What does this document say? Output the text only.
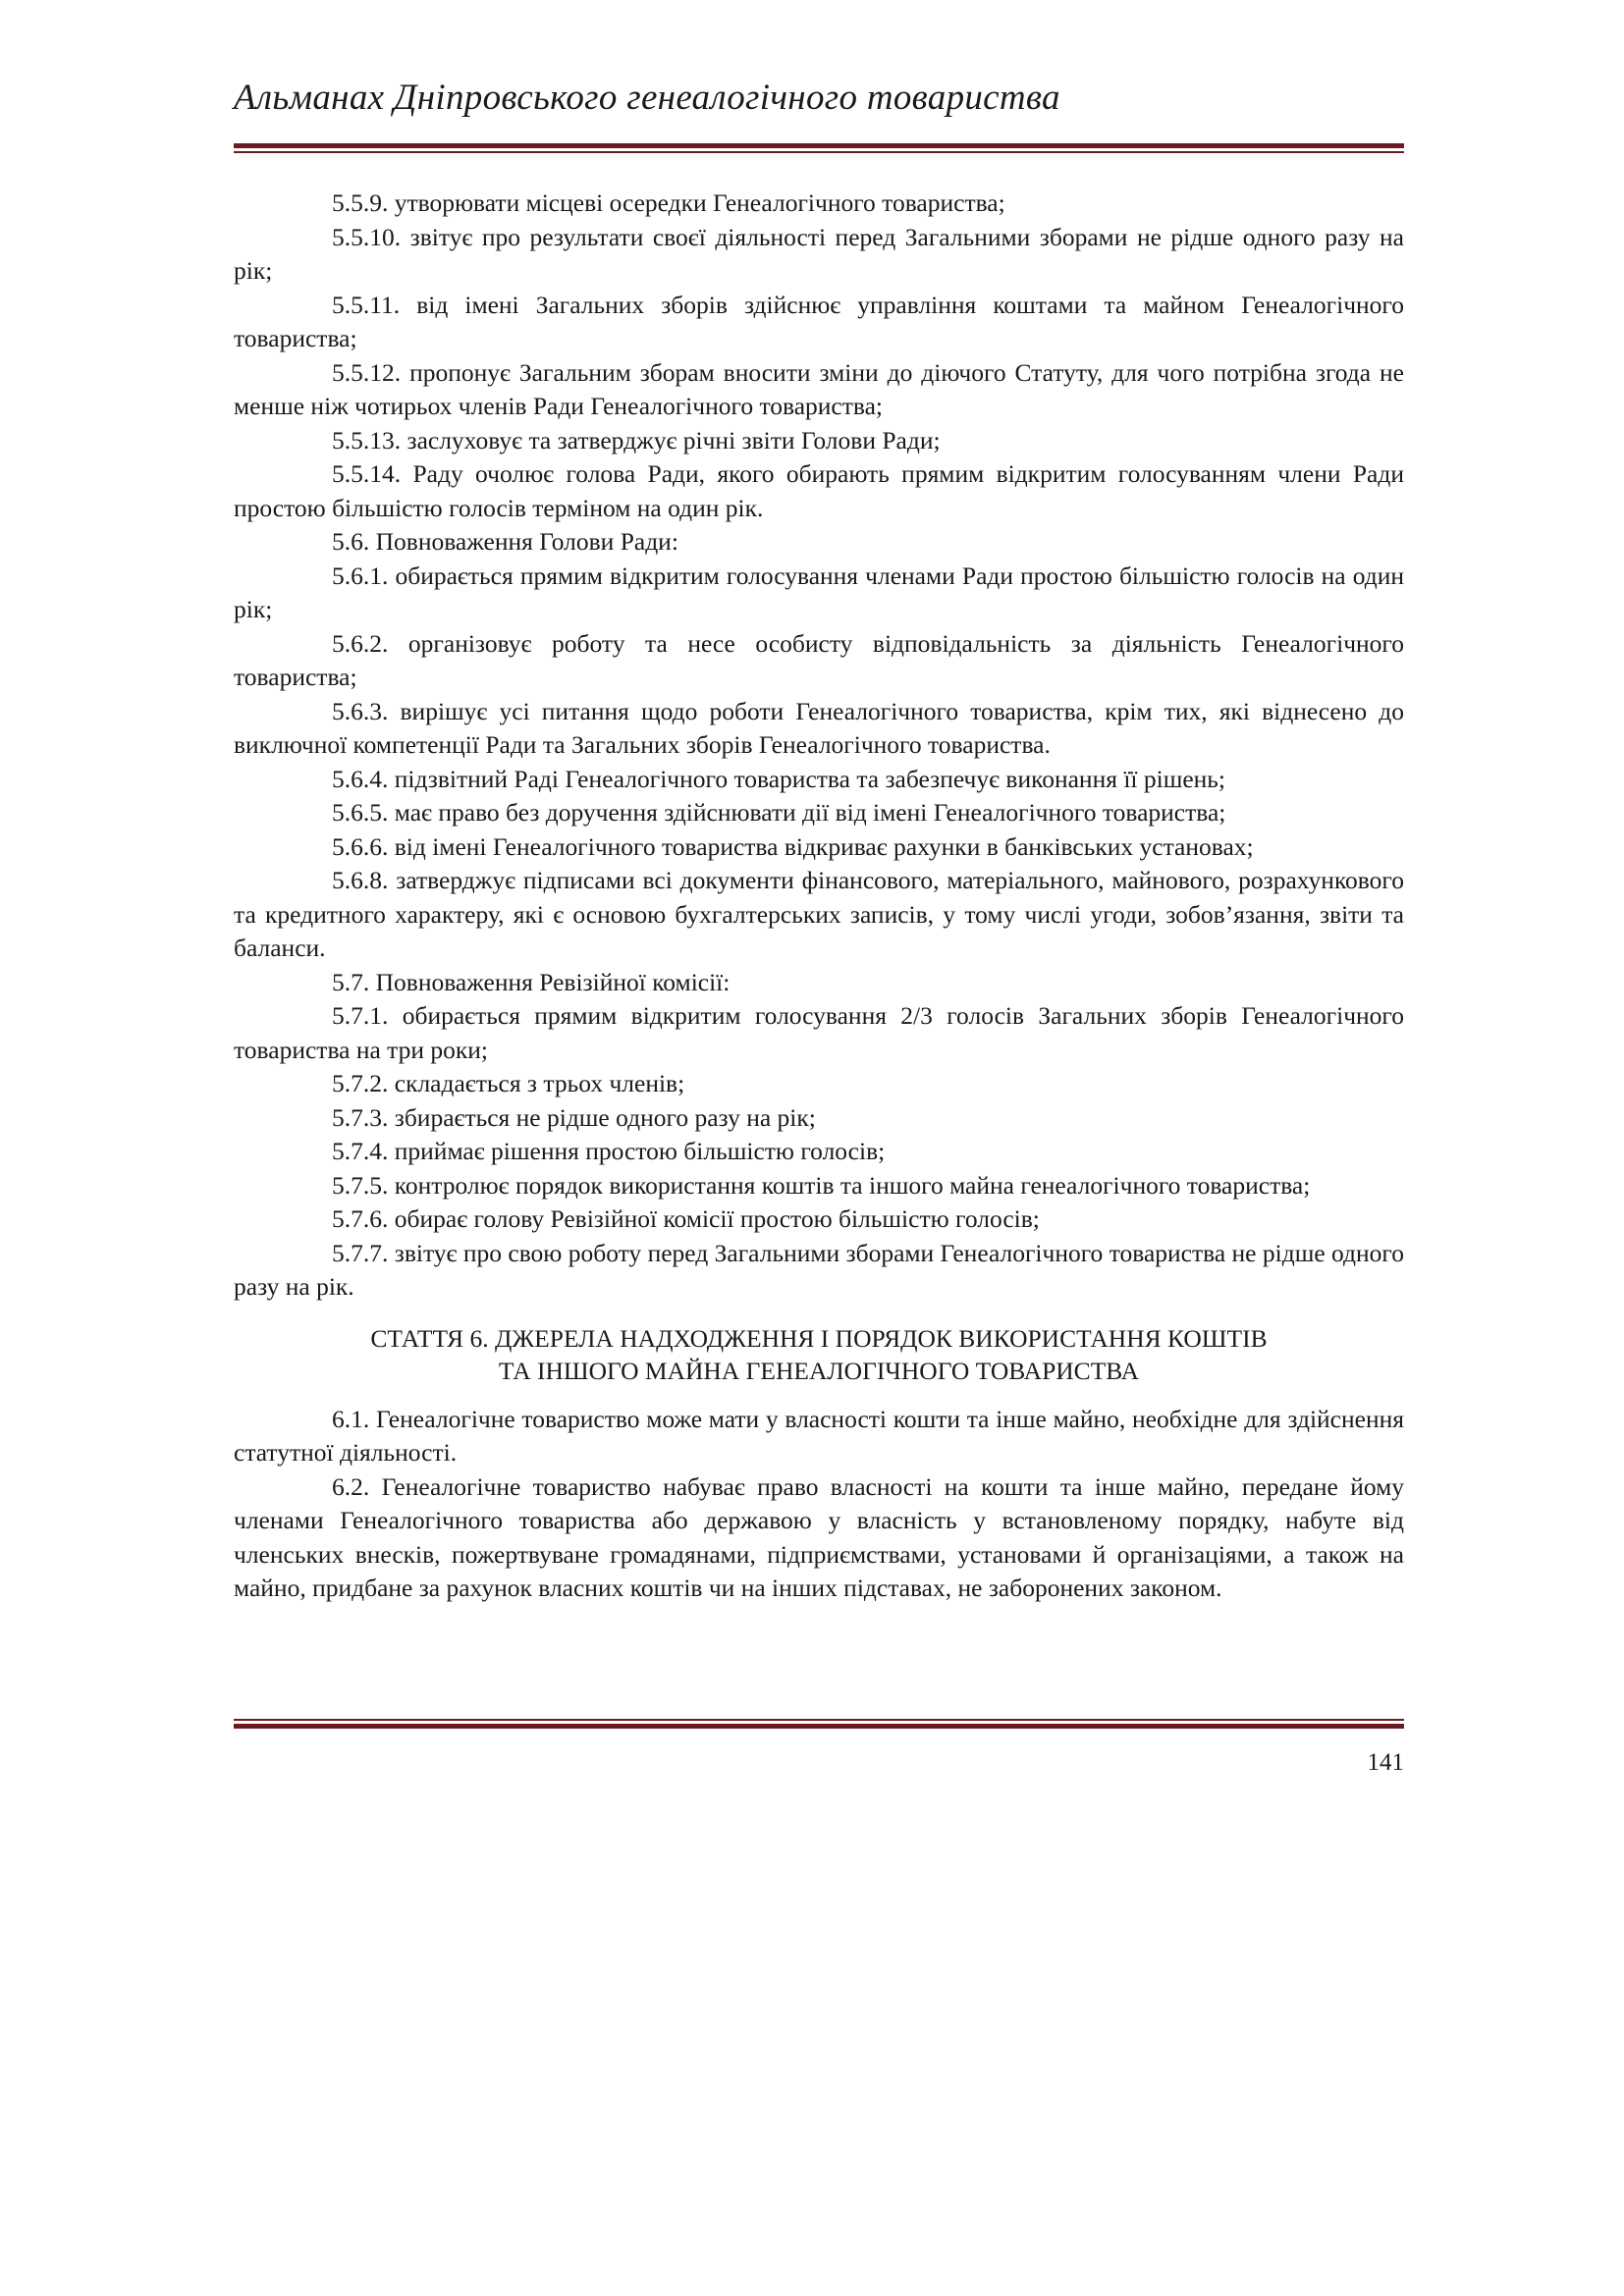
Альманах Дніпровського генеалогічного товариства

5.5.9. утворювати місцеві осередки Генеалогічного товариства;

5.5.10. звітує про результати своєї діяльності перед Загальними зборами не рідше одного разу на рік;

5.5.11. від імені Загальних зборів здійснює управління коштами та майном Генеалогічного товариства;

5.5.12. пропонує Загальним зборам вносити зміни до діючого Статуту, для чого потрібна згода не менше ніж чотирьох членів Ради Генеалогічного товариства;

5.5.13. заслуховує та затверджує річні звіти Голови Ради;

5.5.14. Раду очолює голова Ради, якого обирають прямим відкритим голосуванням члени Ради простою більшістю голосів терміном на один рік.

5.6. Повноваження Голови Ради:

5.6.1. обирається прямим відкритим голосування членами Ради простою більшістю голосів на один рік;

5.6.2. організовує роботу та несе особисту відповідальність за діяльність Генеалогічного товариства;

5.6.3. вирішує усі питання щодо роботи Генеалогічного товариства, крім тих, які віднесено до виключної компетенції Ради та Загальних зборів Генеалогічного товариства.

5.6.4. підзвітний Раді Генеалогічного товариства та забезпечує виконання її рішень;

5.6.5. має право без доручення здійснювати дії від імені Генеалогічного товариства;

5.6.6. від імені Генеалогічного товариства відкриває рахунки в банківських установах;

5.6.8. затверджує підписами всі документи фінансового, матеріального, майнового, розрахункового та кредитного характеру, які є основою бухгалтерських записів, у тому числі угоди, зобов’язання, звіти та баланси.

5.7. Повноваження Ревізійної комісії:

5.7.1. обирається прямим відкритим голосування 2/3 голосів Загальних зборів Генеалогічного товариства на три роки;

5.7.2. складається з трьох членів;

5.7.3. збирається не рідше одного разу на рік;

5.7.4. приймає рішення простою більшістю голосів;

5.7.5. контролює порядок використання коштів та іншого майна генеалогічного товариства;

5.7.6. обирає голову Ревізійної комісії простою більшістю голосів;

5.7.7. звітує про свою роботу перед Загальними зборами Генеалогічного товариства не рідше одного разу на рік.

СТАТТЯ 6. ДЖЕРЕЛА НАДХОДЖЕННЯ І ПОРЯДОК ВИКОРИСТАННЯ КОШТІВ
ТА ІНШОГО МАЙНА ГЕНЕАЛОГІЧНОГО ТОВАРИСТВА

6.1. Генеалогічне товариство може мати у власності кошти та інше майно, необхідне для здійснення статутної діяльності.

6.2. Генеалогічне товариство набуває право власності на кошти та інше майно, передане йому членами Генеалогічного товариства або державою у власність у встановленому порядку, набуте від членських внесків, пожертвуване громадянами, підприємствами, установами й організаціями, а також на майно, придбане за рахунок власних коштів чи на інших підставах, не заборонених законом.

141
